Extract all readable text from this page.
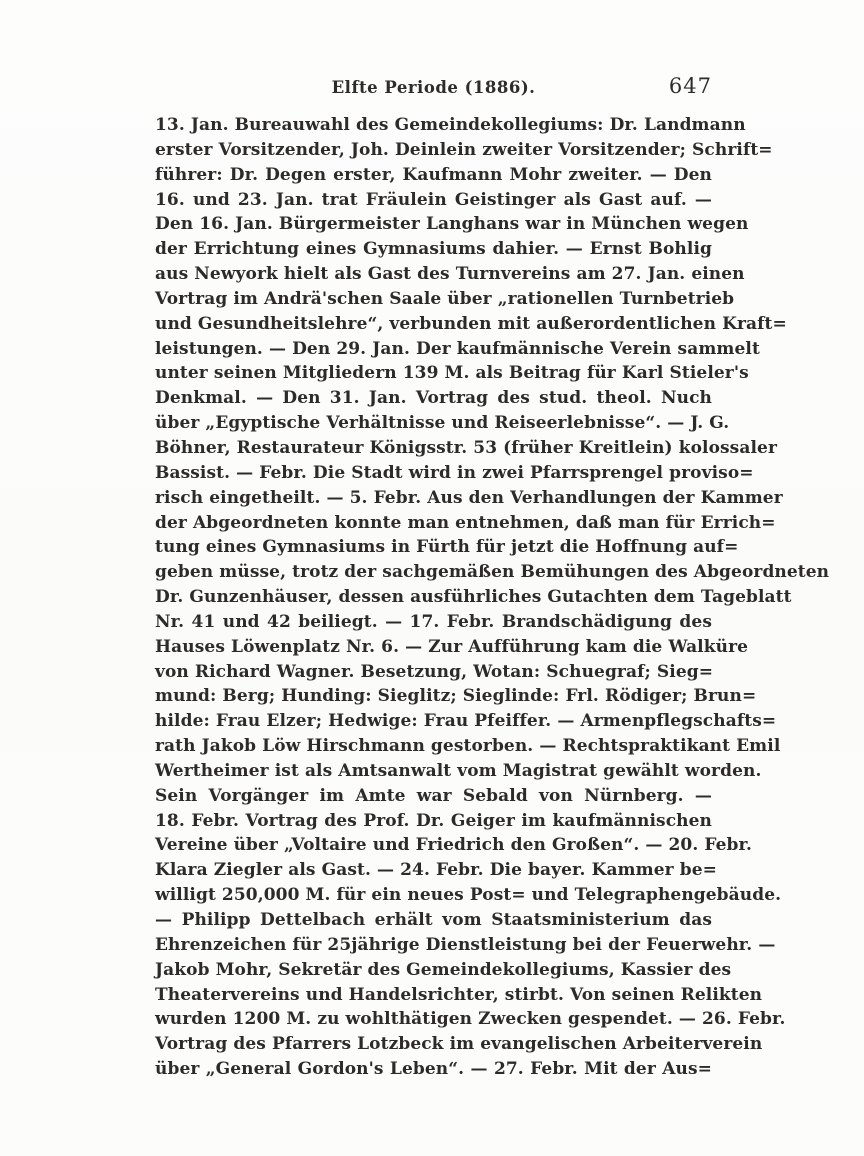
Elfte Periode (1886).	647
13. Jan. Bureauwahl des Gemeindekollegiums: Dr. Landmann
erster Vorsitzender, Joh. Deinlein zweiter Vorsitzender; Schrift=
führer: Dr. Degen erster, Kaufmann Mohr zweiter. — Den
16. und 23. Jan. trat Fräulein Geistinger als Gast auf. —
Den 16. Jan. Bürgermeister Langhans war in München wegen
der Errichtung eines Gymnasiums dahier. — Ernst Bohlig
aus Newyork hielt als Gast des Turnvereins am 27. Jan. einen
Vortrag im Andrä'schen Saale über „rationellen Turnbetrieb
und Gesundheitslehre“, verbunden mit außerordentlichen Kraft=
leistungen. — Den 29. Jan. Der kaufmännische Verein sammelt
unter seinen Mitgliedern 139 M. als Beitrag für Karl Stieler's
Denkmal. — Den 31. Jan. Vortrag des stud. theol. Nuch
über „Egyptische Verhältnisse und Reiseerlebnisse“. — J. G.
Böhner, Restaurateur Königsstr. 53 (früher Kreitlein) kolossaler
Bassist. — Febr. Die Stadt wird in zwei Pfarrsprengel proviso=
risch eingetheilt. — 5. Febr. Aus den Verhandlungen der Kammer
der Abgeordneten konnte man entnehmen, daß man für Errich=
tung eines Gymnasiums in Fürth für jetzt die Hoffnung auf=
geben müsse, trotz der sachgemäßen Bemühungen des Abgeordneten
Dr. Gunzenhäuser, dessen ausführliches Gutachten dem Tageblatt
Nr. 41 und 42 beiliegt. — 17. Febr. Brandschädigung des
Hauses Löwenplatz Nr. 6. — Zur Aufführung kam die Walküre
von Richard Wagner. Besetzung, Wotan: Schuegraf; Sieg=
mund: Berg; Hunding: Sieglitz; Sieglinde: Frl. Rödiger; Brun=
hilde: Frau Elzer; Hedwige: Frau Pfeiffer. — Armenpflegschafts=
rath Jakob Löw Hirschmann gestorben. — Rechtspraktikant Emil
Wertheimer ist als Amtsanwalt vom Magistrat gewählt worden.
Sein Vorgänger im Amte war Sebald von Nürnberg. —
18. Febr. Vortrag des Prof. Dr. Geiger im kaufmännischen
Vereine über „Voltaire und Friedrich den Großen“. — 20. Febr.
Klara Ziegler als Gast. — 24. Febr. Die bayer. Kammer be=
willigt 250,000 M. für ein neues Post= und Telegraphengebäude.
— Philipp Dettelbach erhält vom Staatsministerium das
Ehrenzeichen für 25jährige Dienstleistung bei der Feuerwehr. —
Jakob Mohr, Sekretär des Gemeindekollegiums, Kassier des
Theatervereins und Handelsrichter, stirbt. Von seinen Relikten
wurden 1200 M. zu wohlthätigen Zwecken gespendet. — 26. Febr.
Vortrag des Pfarrers Lotzbeck im evangelischen Arbeiterverein
über „General Gordon's Leben“. — 27. Febr. Mit der Aus=
